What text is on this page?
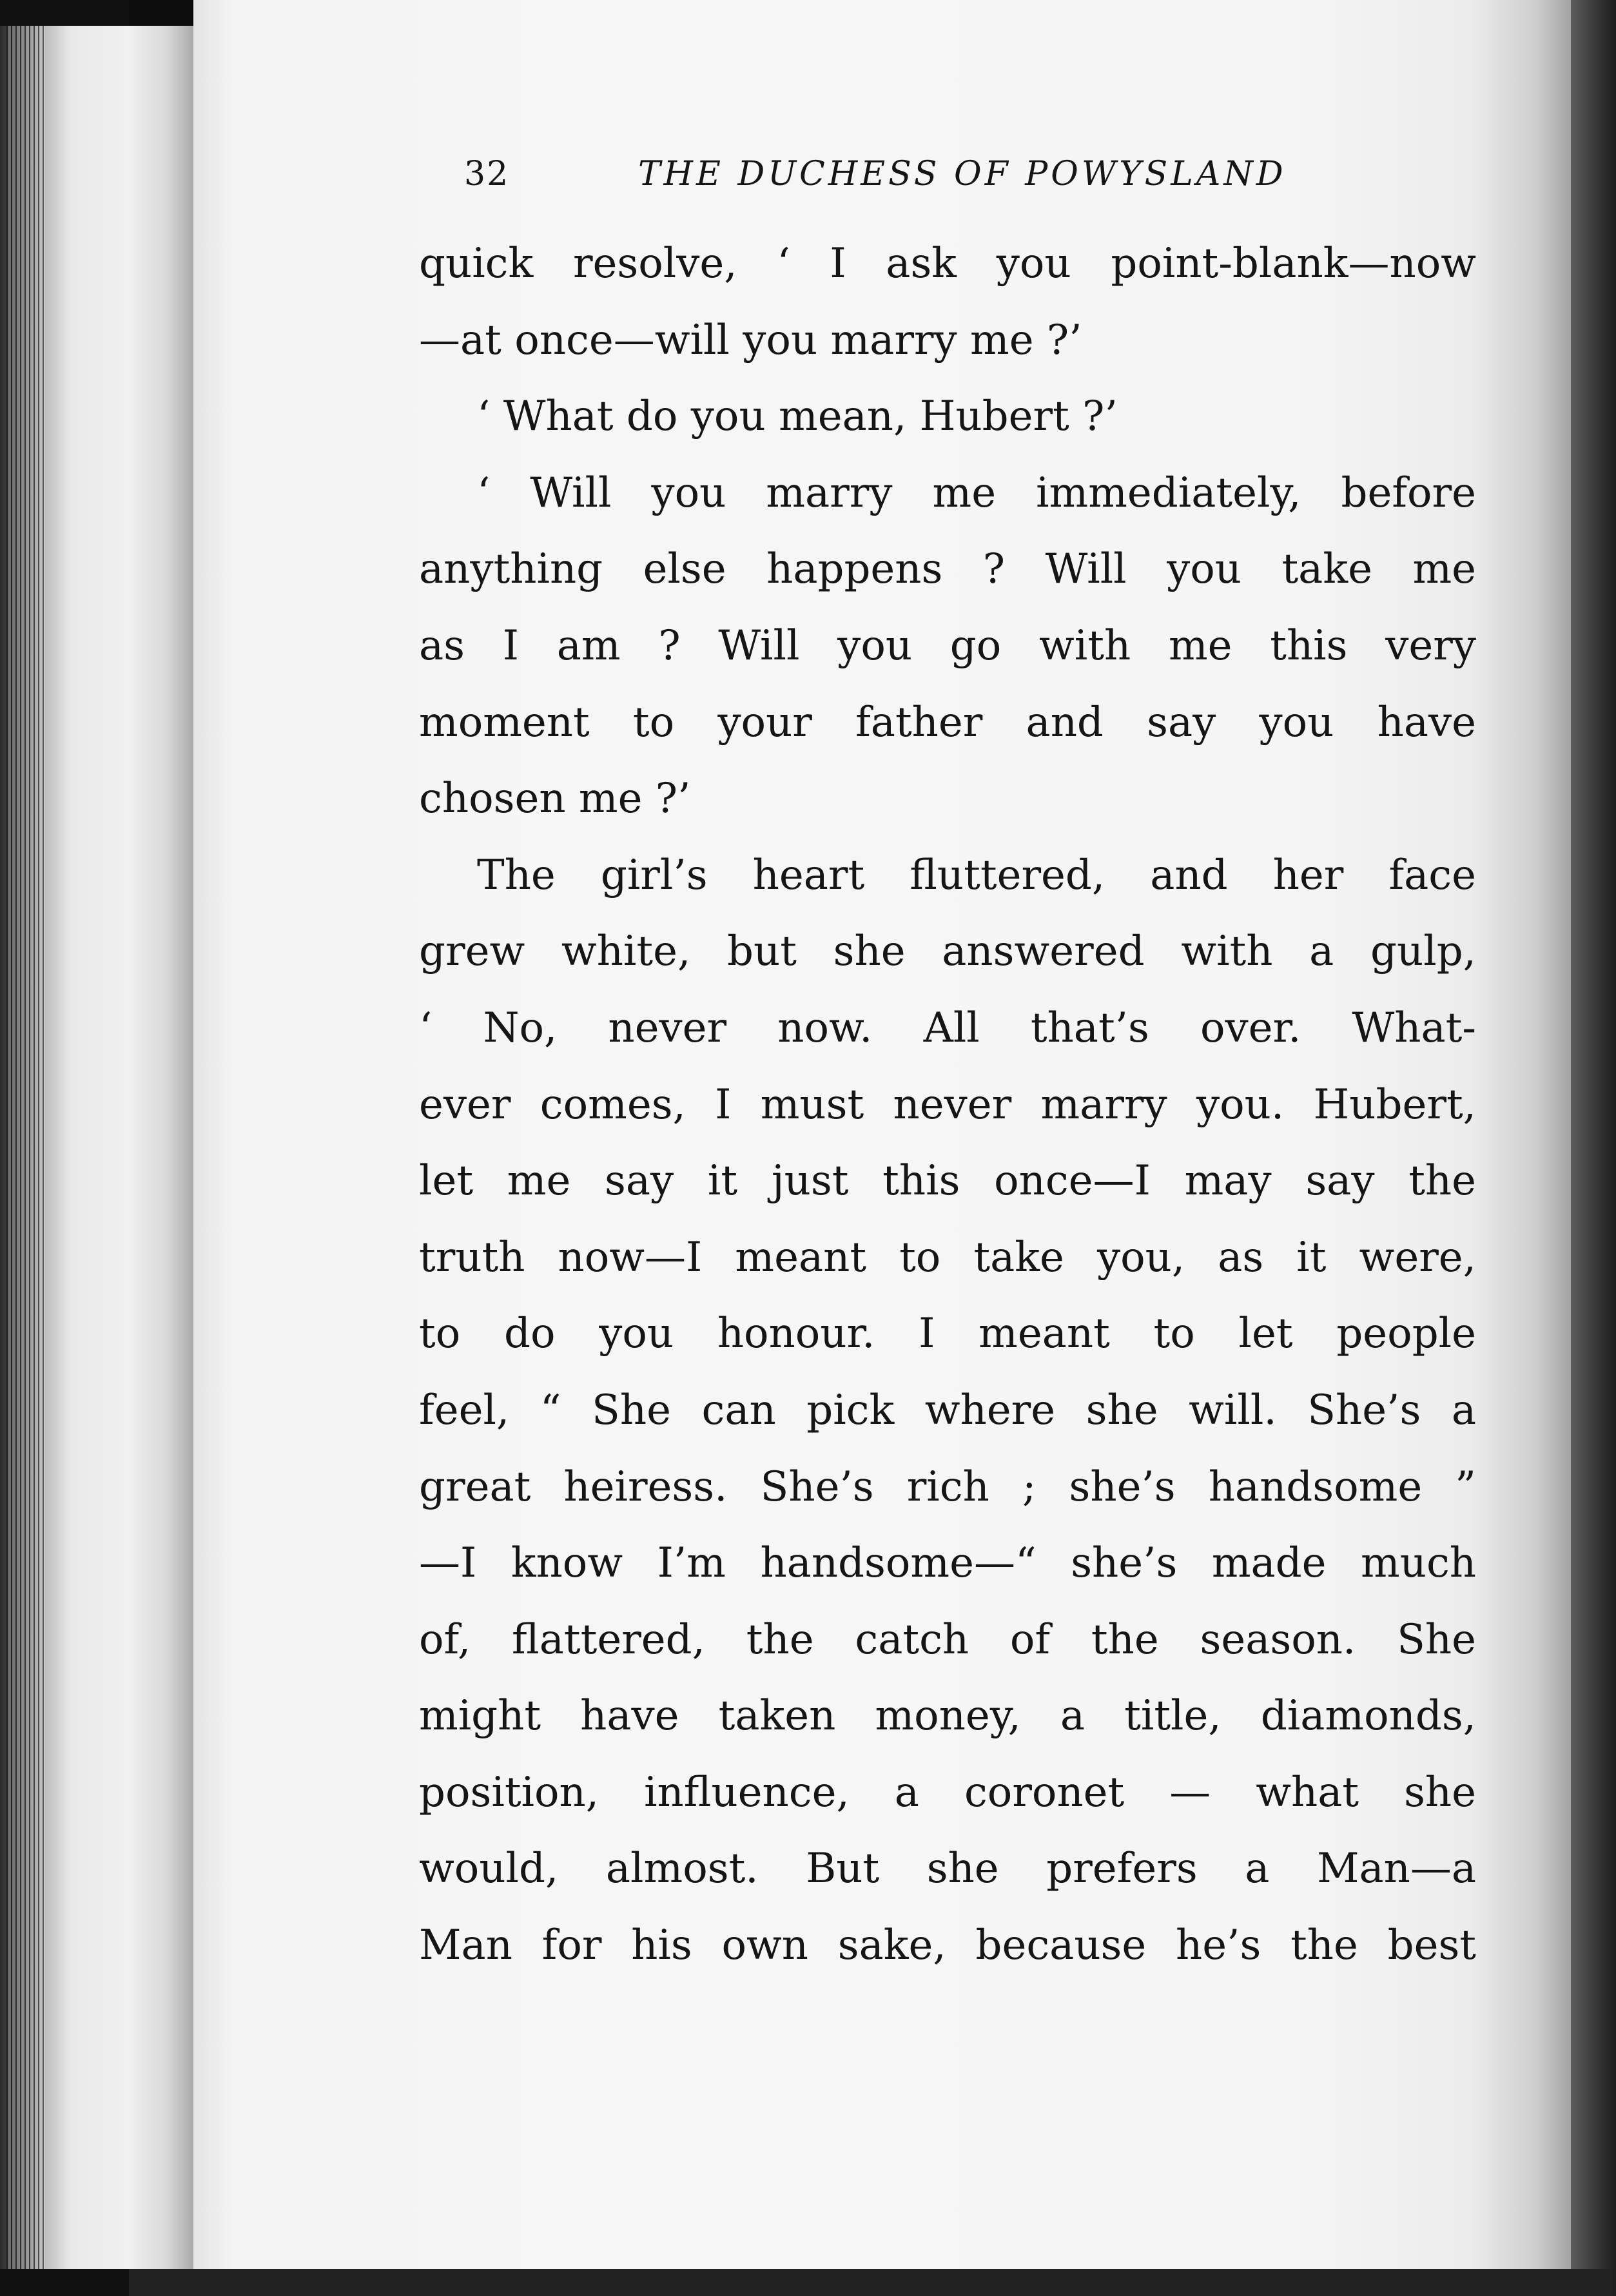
32	THE DUCHESS OF POWYSLAND
quick resolve, ‘ I ask you point-blank—now
—at once—will you marry me ?’
‘ What do you mean, Hubert ?’
‘ Will you marry me immediately, before
anything else happens ? Will you take me
as I am ? Will you go with me this very
moment to your father and say you have
chosen me ?’
The girl’s heart fluttered, and her face
grew white, but she answered with a gulp,
‘ No, never now. All that’s over. What-
ever comes, I must never marry you. Hubert,
let me say it just this once—I may say the
truth now—I meant to take you, as it were,
to do you honour. I meant to let people
feel, “ She can pick where she will. She’s a
great heiress. She’s rich ; she’s handsome ”
—I know I’m handsome—“ she’s made much
of, flattered, the catch of the season. She
might have taken money, a title, diamonds,
position, influence, a coronet — what she
would, almost. But she prefers a Man—a
Man for his own sake, because he’s the best
